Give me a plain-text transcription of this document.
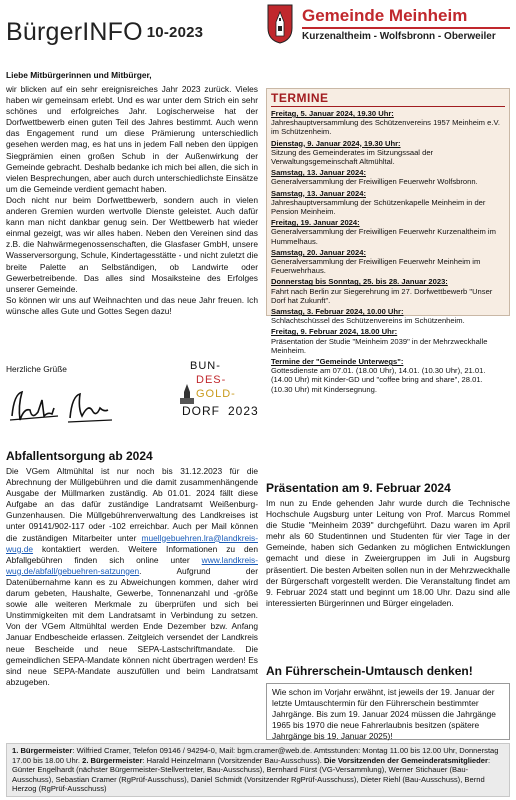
BürgerINFO 10-2023
Gemeinde Meinheim
Kurzenaltheim - Wolfsbronn - Oberweiler
Liebe Mitbürgerinnen und Mitbürger,

wir blicken auf ein sehr ereignisreiches Jahr 2023 zurück. Vieles haben wir gemeinsam erlebt. Und es war unter dem Strich ein sehr schönes und erfolgreiches Jahr. Logischerweise hat der Dorfwettbewerb einen guten Teil des Jahres bestimmt. Auch wenn das Engagement rund um diese Prämierung unterschiedlich gesehen werden mag, es hat uns in jedem Fall neben den üppigen Siegprämien einen großen Schub in der Außenwirkung der Gemeinde gebracht. Deshalb bedanke ich mich bei allen, die sich in vielen Besprechungen, aber auch durch unterschiedlichste Einsätze um die Gemeinde verdient gemacht haben.

Doch nicht nur beim Dorfwettbewerb, sondern auch in vielen anderen Gremien wurden wertvolle Dienste geleistet. Auch dafür kann man nicht dankbar genug sein. Der Wettbewerb hat wieder einmal gezeigt, was wir alles haben. Neben den Vereinen sind das z.B. die Nahwärmegenossenschaften, die Glasfaser GmbH, unsere Wasserversorgung, Schule, Kindertagesstätte - und nicht zuletzt die breite Palette an Selbständigen, ob Landwirte oder Gewerbetreibende. Das alles sind Mosaiksteine des Erfolges unserer Gemeinde.

So können wir uns auf Weihnachten und das neue Jahr freuen. Ich wünsche alles Gute und Gottes Segen dazu!

Herzliche Grüße	BUN-
DES-
GOLD-
DORF 2023
Abfallentsorgung ab 2024
Die VGem Altmühltal ist nur noch bis 31.12.2023 für die Abrechnung der Müllgebühren und die damit zusammenhängende Ausgabe der Müllmarken zuständig. Ab 01.01. 2024 fällt diese Aufgabe an das dafür zuständige Landratsamt Weißenburg-Gunzenhausen. Die Müllgebührenverwaltung des Landkreises ist unter 09141/902-117 oder -102 erreichbar. Auch per Mail können die zuständigen Mitarbeiter unter muellgebuehren.lra@landkreis-wug.de kontaktiert werden. Weitere Informationen zu den Abfallgebühren finden sich online unter www.landkreis-wug.de/abfall/gebuehren-satzungen. Aufgrund der Datenübernahme kann es zu Abweichungen kommen, daher wird darum gebeten, Haushalte, Gewerbe, Tonnenanzahl und -größe sowie alle weiteren Merkmale zu überprüfen und sich bei Unstimmigkeiten mit dem Landratsamt in Verbindung zu setzen. Von der VGem Altmühltal werden Ende Dezember bzw. Anfang Januar Endbescheide erlassen. Zeitgleich versendet der Landkreis neue Bescheide und neue SEPA-Lastschriftmandate. Die gemeindlichen SEPA-Mandate können nicht übertragen werden! Es sind neue SEPA-Mandate auszufüllen und beim Landratsamt abzugeben.
TERMINE
Freitag, 5. Januar 2024, 19.30 Uhr:
Jahreshauptversammlung des Schützenvereins 1957 Meinheim e.V. im Schützenheim.
Dienstag, 9. Januar 2024, 19.30 Uhr:
Sitzung des Gemeinderates im Sitzungssaal der Verwaltungsgemeinschaft Altmühltal.
Samstag, 13. Januar 2024:
Generalversammlung der Freiwilligen Feuerwehr Wolfsbronn.
Samstag, 13. Januar 2024:
Jahreshauptversammlung der Schützenkapelle Meinheim in der Pension Meinheim.
Freitag, 19. Januar 2024:
Generalversammlung der Freiwilligen Feuerwehr Kurzenaltheim im Hummelhaus.
Samstag, 20. Januar 2024:
Generalversammlung der Freiwilligen Feuerwehr Meinheim im Feuerwehrhaus.
Donnerstag bis Sonntag, 25. bis 28. Januar 2023:
Fahrt nach Berlin zur Siegerehrung im 27. Dorfwettbewerb "Unser Dorf hat Zukunft".
Samstag, 3. Februar 2024, 10.00 Uhr:
Schlachtschüssel des Schützenvereins im Schützenheim.
Freitag, 9. Februar 2024, 18.00 Uhr:
Präsentation der Studie "Meinheim 2039" in der Mehrzweckhalle Meinheim.
Termine der "Gemeinde Unterwegs":
Gottesdienste am 07.01. (18.00 Uhr), 14.01. (10.30 Uhr), 21.01. (14.00 Uhr) mit Kinder-GD und "coffee bring and share", 28.01. (10.30 Uhr) mit Kindersegnung.
Präsentation am 9. Februar 2024
Im nun zu Ende gehenden Jahr wurde durch die Technische Hochschule Augsburg unter Leitung von Prof. Marcus Rommel die Studie "Meinheim 2039" durchgeführt. Dazu waren im April mehr als 60 Studentinnen und Studenten für vier Tage in der Gemeinde, haben sich Gedanken zu möglichen Entwicklungen gemacht und diese in Zweiergruppen im Juli in Augsburg präsentiert. Die besten Arbeiten sollen nun in der Mehrzweckhalle der Bürgerschaft vorgestellt werden. Die Veranstaltung findet am 9. Februar 2024 statt und beginnt um 18.00 Uhr. Dazu sind alle interessierten Bürgerinnen und Bürger eingeladen.
An Führerschein-Umtausch denken!
Wie schon im Vorjahr erwähnt, ist jeweils der 19. Januar der letzte Umtauschtermin für den Führerschein bestimmter Jahrgänge. Bis zum 19. Januar 2024 müssen die Jahrgänge 1965 bis 1970 die neue Fahrerlaubnis besitzen (spätere Jahrgänge bis 19. Januar 2025)!
1. Bürgermeister: Wilfried Cramer, Telefon 09146 / 94294-0, Mail: bgm.cramer@web.de. Amtsstunden: Montag 11.00 bis 12.00 Uhr, Donnerstag 17.00 bis 18.00 Uhr. 2. Bürgermeister: Harald Heinzelmann (Vorsitzender Bau-Ausschuss). Die Vorsitzenden der Gemeinderatsmitglieder: Günter Engelhardt (nächster Bürgermeister-Stellvertreter, Bau-Ausschuss), Bernhard Fürst (VG-Versammlung), Werner Stichauer (Bau-Ausschuss), Sebastian Cramer (RgPrüf-Ausschuss), Daniel Schmidt (Vorsitzender RgPrüf-Ausschuss), Dieter Riehl (Bau-Ausschuss), Bernd Herzog (RgPrüf-Ausschuss)
